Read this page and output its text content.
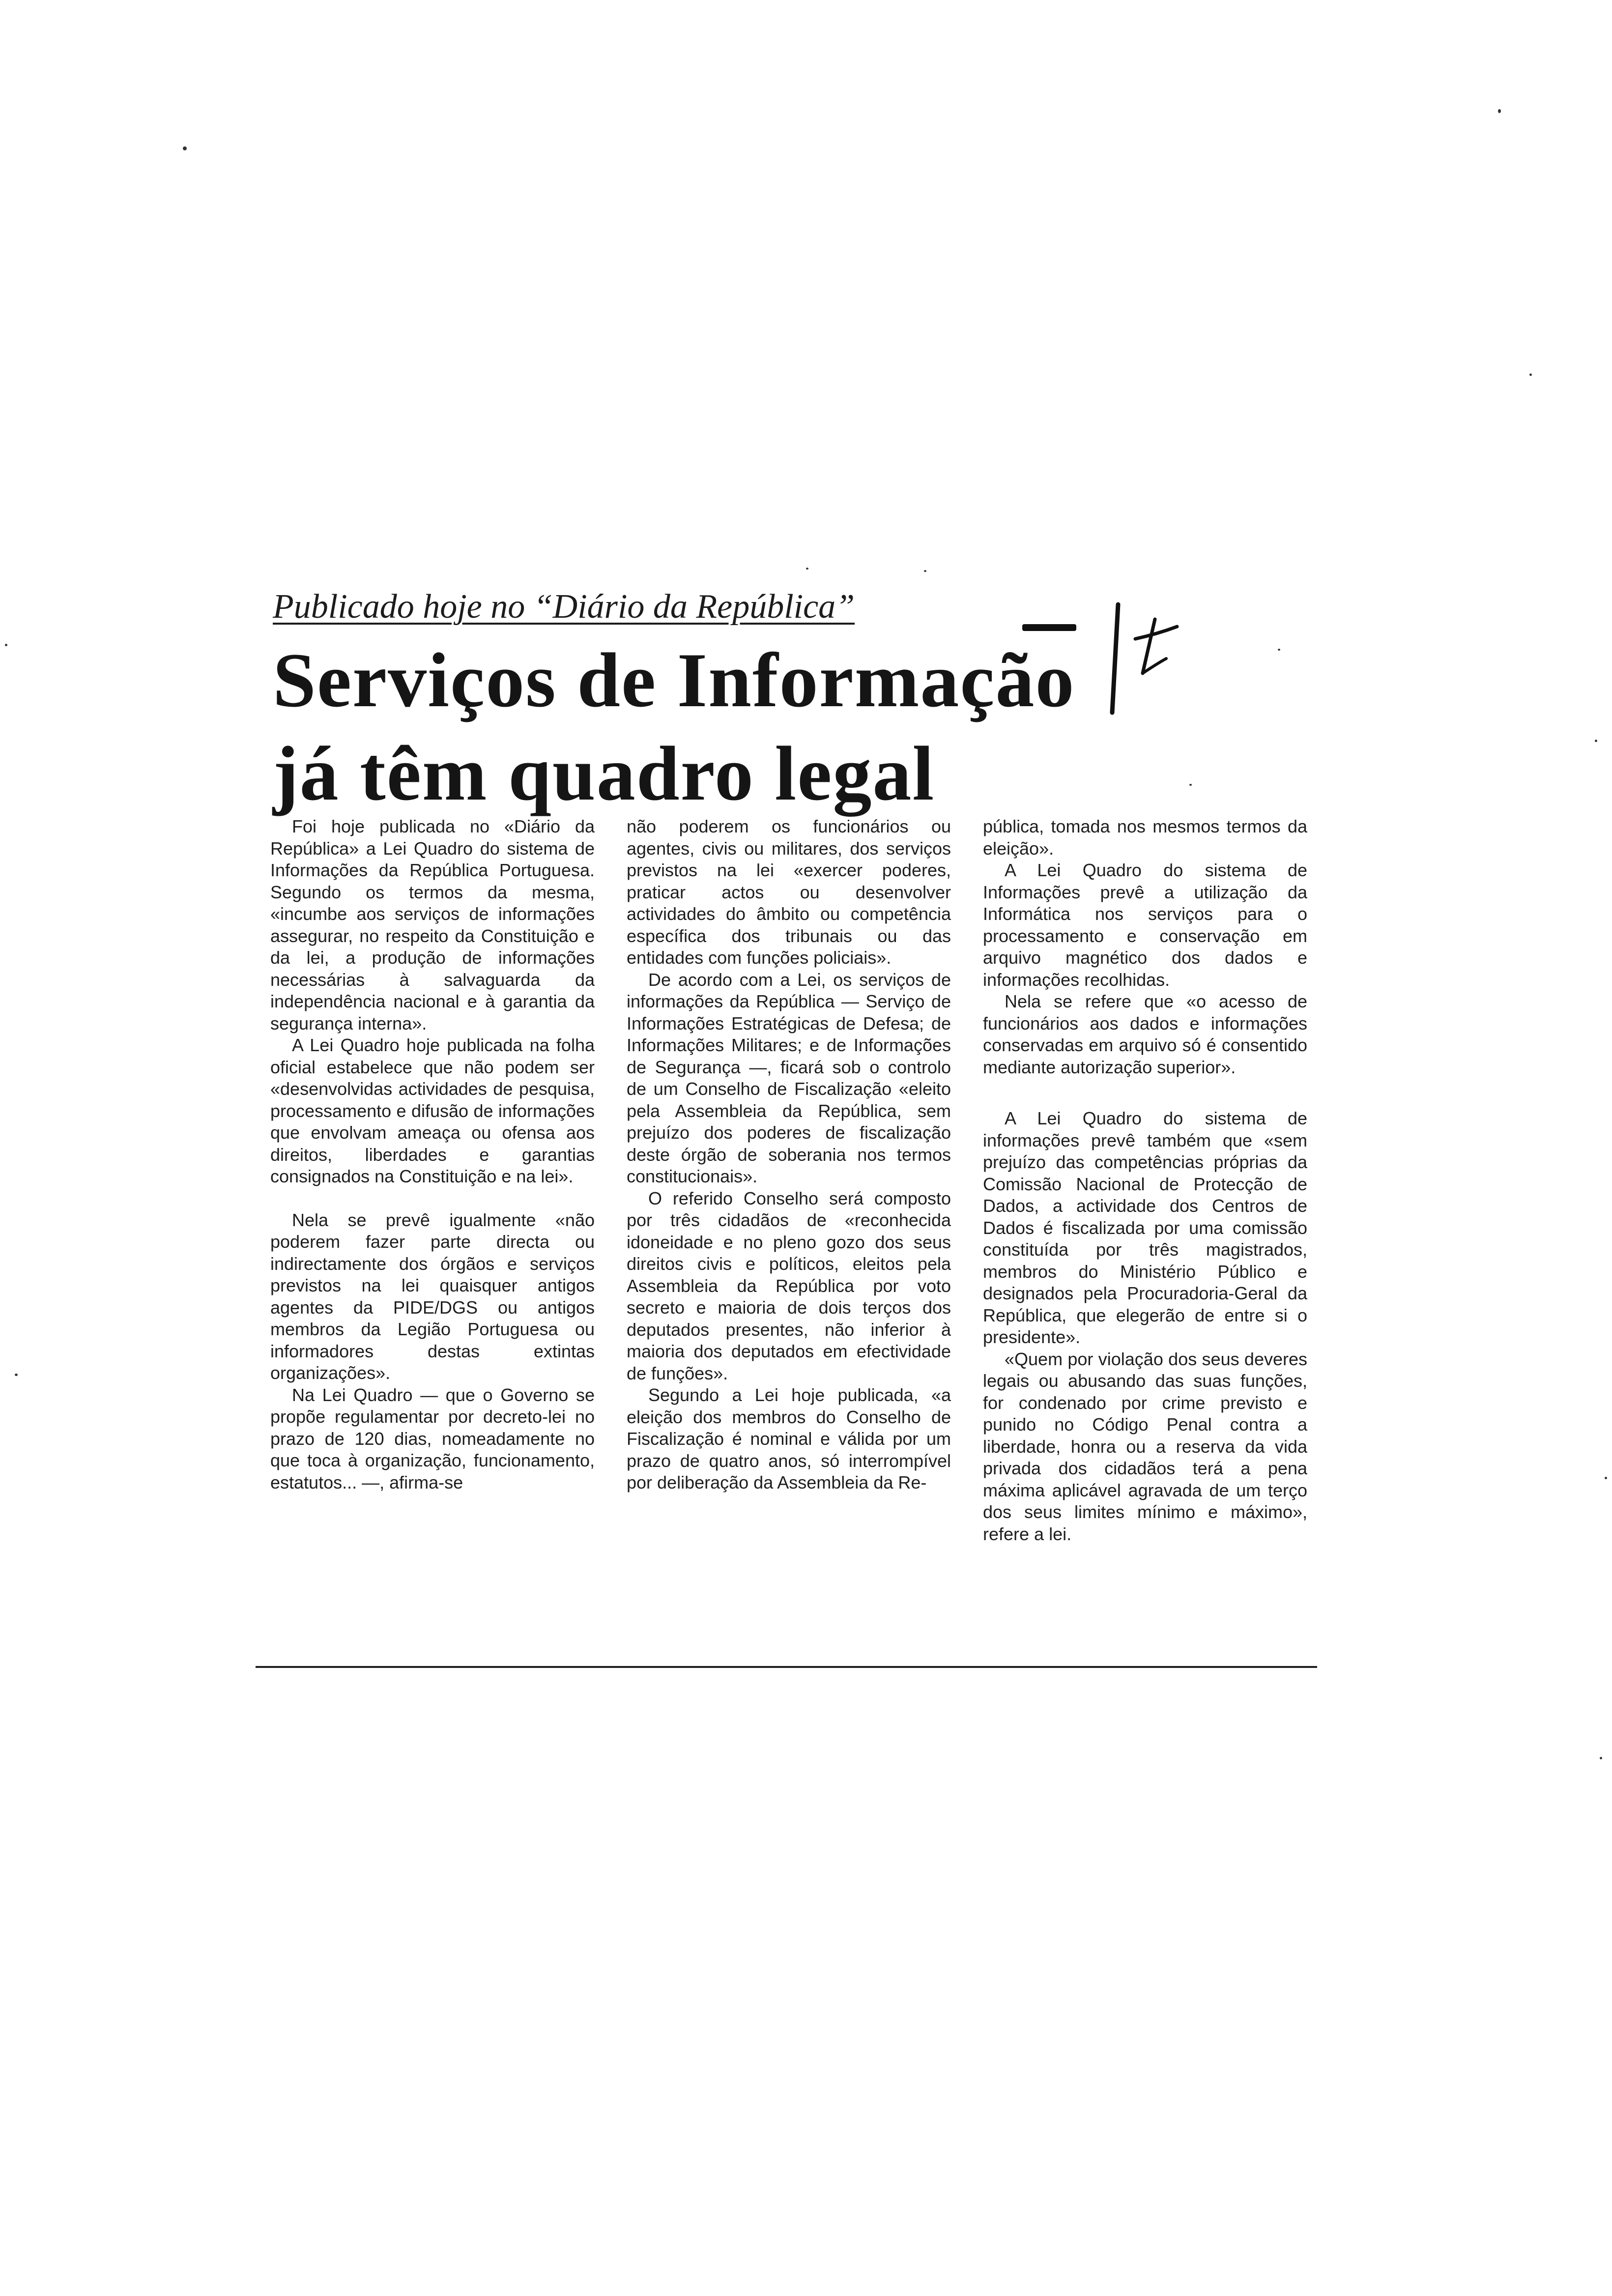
Publicado hoje no “Diário da República”
Serviços de Informação
já têm quadro legal

Foi hoje publicada no «Diário da República» a Lei Quadro do sistema de Informações da República Portuguesa. Segundo os termos da mesma, «incumbe aos serviços de informações assegurar, no respeito da Constituição e da lei, a produção de informações necessárias à salvaguarda da independência nacional e à garantia da segurança interna».

A Lei Quadro hoje publicada na folha oficial estabelece que não podem ser «desenvolvidas actividades de pesquisa, processamento e difusão de informações que envolvam ameaça ou ofensa aos direitos, liberdades e garantias consignados na Constituição e na lei».

Nela se prevê igualmente «não poderem fazer parte directa ou indirectamente dos órgãos e serviços previstos na lei quaisquer antigos agentes da PIDE/DGS ou antigos membros da Legião Portuguesa ou informadores destas extintas organizações».

Na Lei Quadro — que o Governo se propõe regulamentar por decreto-lei no prazo de 120 dias, nomeadamente no que toca à organização, funcionamento, estatutos... —, afirma-se

não poderem os funcionários ou agentes, civis ou militares, dos serviços previstos na lei «exercer poderes, praticar actos ou desenvolver actividades do âmbito ou competência específica dos tribunais ou das entidades com funções policiais».

De acordo com a Lei, os serviços de informações da República — Serviço de Informações Estratégicas de Defesa; de Informações Militares; e de Informações de Segurança —, ficará sob o controlo de um Conselho de Fiscalização «eleito pela Assembleia da República, sem prejuízo dos poderes de fiscalização deste órgão de soberania nos termos constitucionais».

O referido Conselho será composto por três cidadãos de «reconhecida idoneidade e no pleno gozo dos seus direitos civis e políticos, eleitos pela Assembleia da República por voto secreto e maioria de dois terços dos deputados presentes, não inferior à maioria dos deputados em efectividade de funções».

Segundo a Lei hoje publicada, «a eleição dos membros do Conselho de Fiscalização é nominal e válida por um prazo de quatro anos, só interrompível por deliberação da Assembleia da Re-

pública, tomada nos mesmos termos da eleição».

A Lei Quadro do sistema de Informações prevê a utilização da Informática nos serviços para o processamento e conservação em arquivo magnético dos dados e informações recolhidas.

Nela se refere que «o acesso de funcionários aos dados e informações conservadas em arquivo só é consentido mediante autorização superior».

A Lei Quadro do sistema de informações prevê também que «sem prejuízo das competências próprias da Comissão Nacional de Protecção de Dados, a actividade dos Centros de Dados é fiscalizada por uma comissão constituída por três magistrados, membros do Ministério Público e designados pela Procuradoria-Geral da República, que elegerão de entre si o presidente».

«Quem por violação dos seus deveres legais ou abusando das suas funções, for condenado por crime previsto e punido no Código Penal contra a liberdade, honra ou a reserva da vida privada dos cidadãos terá a pena máxima aplicável agravada de um terço dos seus limites mínimo e máximo», refere a lei.
